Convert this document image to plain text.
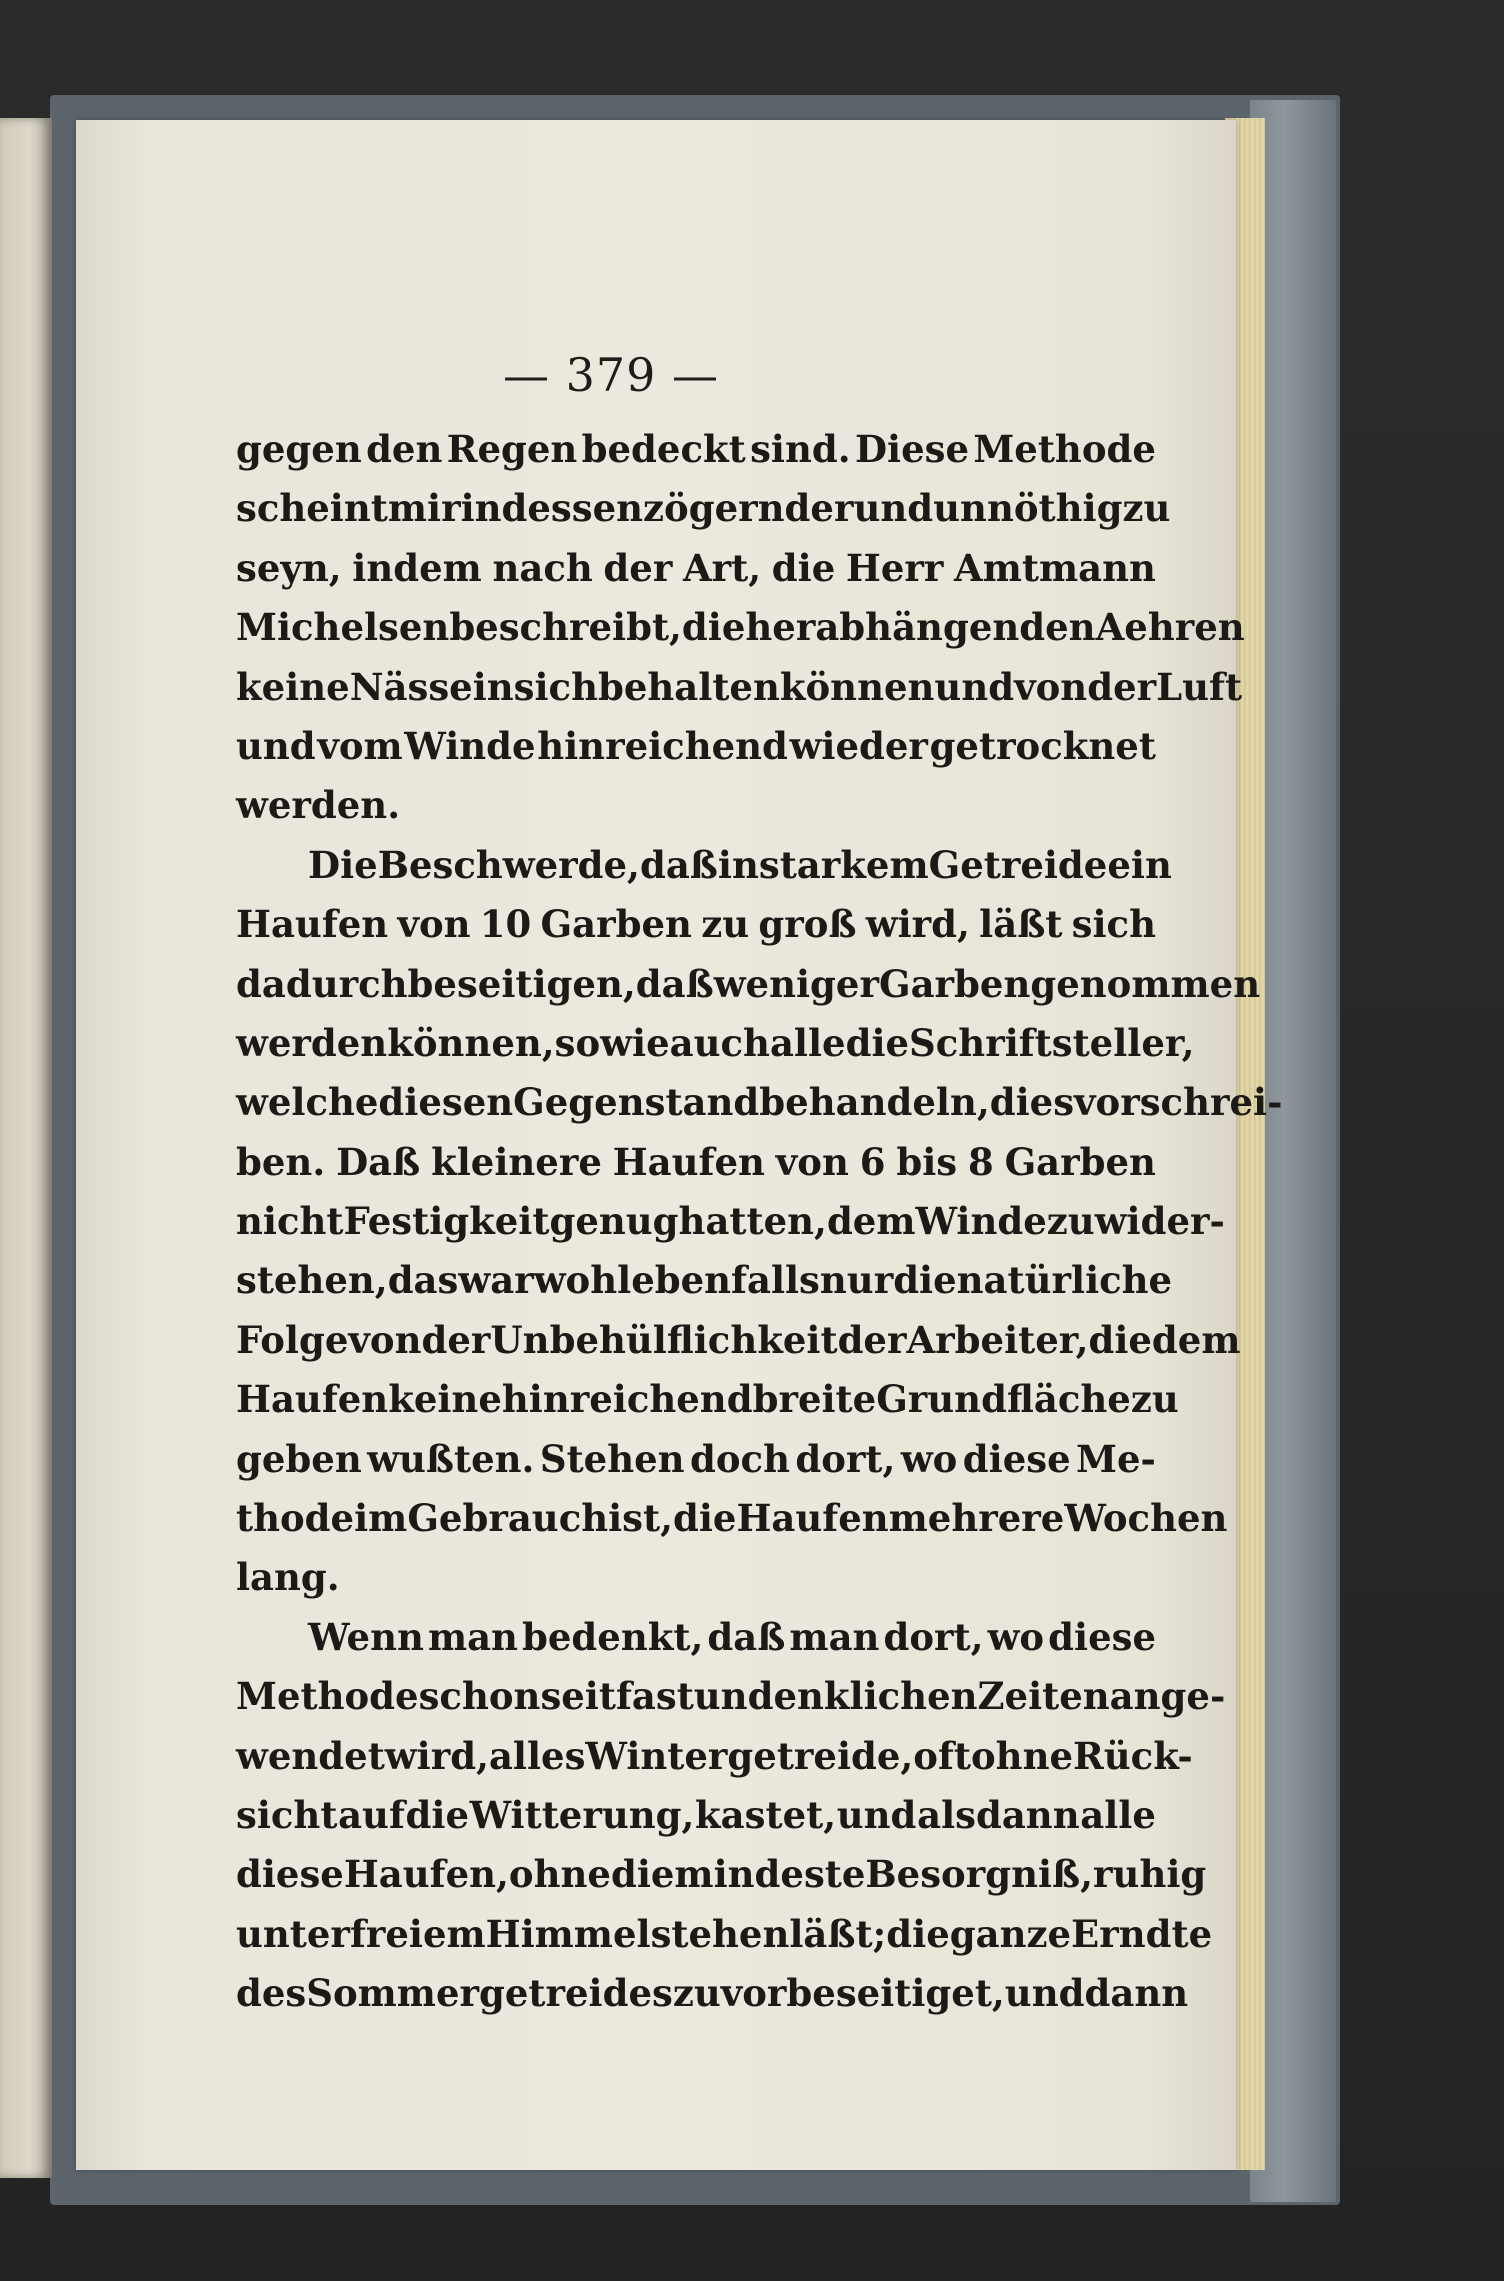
— 379 —
gegen den Regen bedeckt sind. Diese Methode
scheint mir indessen zögernder und unnöthig zu
seyn, indem nach der Art, die Herr Amtmann
Michelsen beschreibt, die herabhängenden Aehren
keine Nässe in sich behalten können und von der Luft
und vom Winde hinreichend wieder getrocknet
werden.
Die Beschwerde, daß in starkem Getreide ein
Haufen von 10 Garben zu groß wird, läßt sich
dadurch beseitigen, daß weniger Garben genommen
werden können, so wie auch alle die Schriftsteller,
welche diesen Gegenstand behandeln, dies vorschrei-
ben. Daß kleinere Haufen von 6 bis 8 Garben
nicht Festigkeit genug hatten, dem Winde zu wider-
stehen, das war wohl ebenfalls nur die natürliche
Folge von der Unbehülflichkeit der Arbeiter, die dem
Haufen keine hinreichend breite Grundfläche zu
geben wußten. Stehen doch dort, wo diese Me-
thode im Gebrauch ist, die Haufen mehrere Wochen
lang.
Wenn man bedenkt, daß man dort, wo diese
Methode schon seit fast undenklichen Zeiten ange-
wendet wird, alles Wintergetreide, oft ohne Rück-
sicht auf die Witterung, kastet, und alsdann alle
diese Haufen, ohne die mindeste Besorgniß, ruhig
unter freiem Himmel stehen läßt; die ganze Erndte
des Sommergetreides zuvor beseitiget, und dann
